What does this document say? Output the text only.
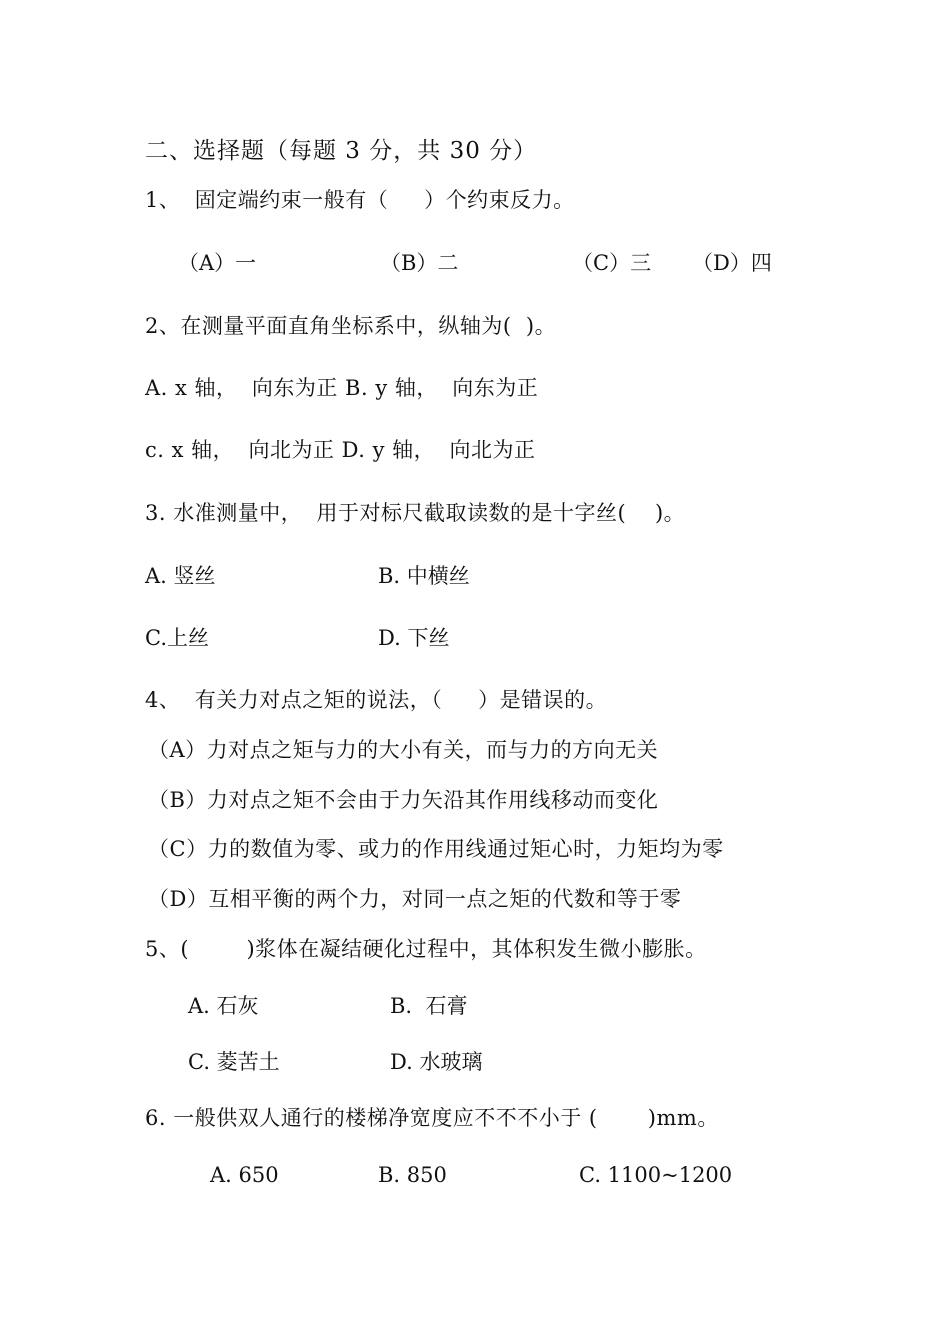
二、选择题（每题 3 分，共 30 分）
1、  固定端约束一般有（     ）个约束反力。
（A）一	（B）二	（C）三 （D）四
2、在测量平面直角坐标系中，纵轴为(  )。
A. x 轴，  向东为正 B. y 轴，  向东为正
c. x 轴，  向北为正 D. y 轴，  向北为正
3. 水准测量中，  用于对标尺截取读数的是十字丝(    )。
A. 竖丝	B. 中横丝
C.上丝	D. 下丝
4、  有关力对点之矩的说法，（     ）是错误的。
（A）力对点之矩与力的大小有关，而与力的方向无关
（B）力对点之矩不会由于力矢沿其作用线移动而变化
（C）力的数值为零、或力的作用线通过矩心时，力矩均为零
（D）互相平衡的两个力，对同一点之矩的代数和等于零
5、(        )浆体在凝结硬化过程中，其体积发生微小膨胀。
A. 石灰	B.  石膏
C. 菱苦土	D. 水玻璃
6. 一般供双人通行的楼梯净宽度应不不不小于 (       )mm。
A. 650	B. 850	C. 1100~1200
